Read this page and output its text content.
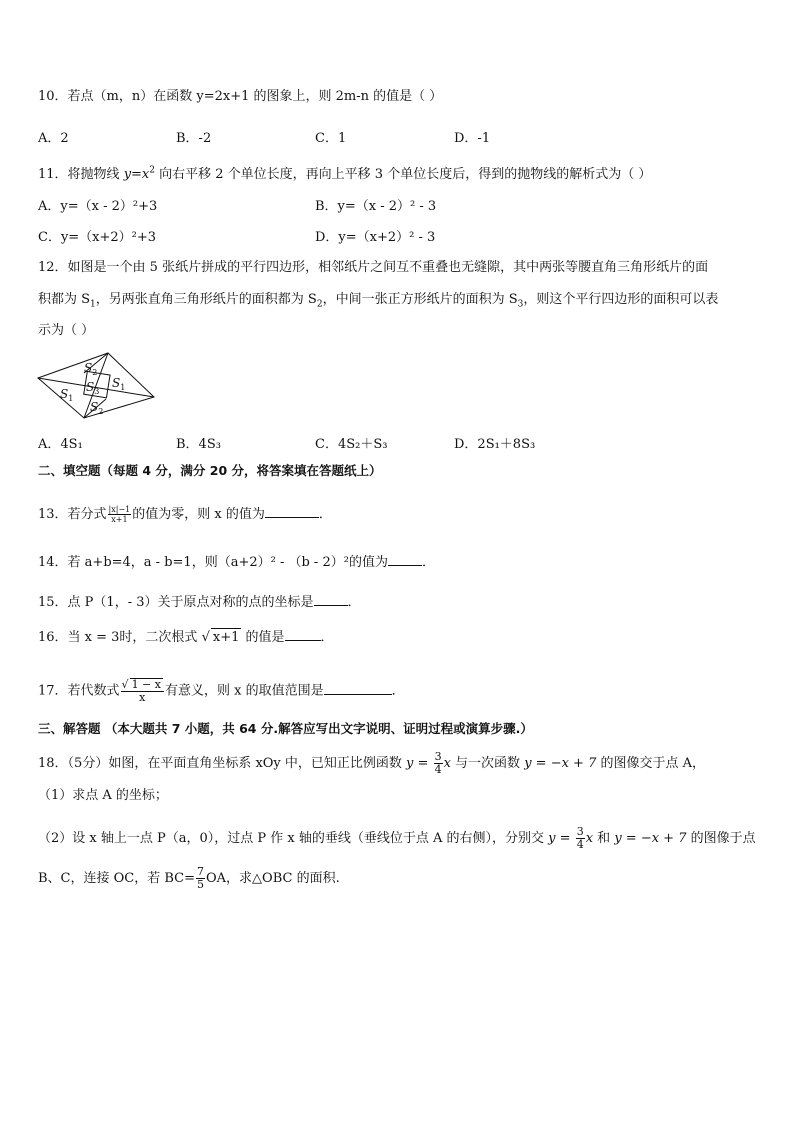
10．若点（m，n）在函数 y=2x+1 的图象上，则 2m-n 的值是（ ）
A．2	B．-2	C．1	D．-1
11．将抛物线 $y=x^2$ 向右平移 2 个单位长度，再向上平移 3 个单位长度后，得到的抛物线的解析式为（ ）
A．y=（x - 2）²+3	B．y=（x - 2）² - 3
C．y=（x+2）²+3	D．y=（x+2）² - 3
12．如图是一个由 5 张纸片拼成的平行四边形，相邻纸片之间互不重叠也无缝隙，其中两张等腰直角三角形纸片的面
积都为 $S_1$，另两张直角三角形纸片的面积都为 $S_2$，中间一张正方形纸片的面积为 $S_3$，则这个平行四边形的面积可以表
示为（ ）
$S_2$
$S_1$
$S_3$
$S_1$
$S_2$
A．4S₁	B．4S₃	C．4S₂＋S₃	D．2S₁＋8S₃
二、填空题（每题 4 分，满分 20 分，将答案填在答题纸上）
13．若分式 $\frac{|x|-1}{x+1}$的值为零，则 x 的值为	．
14．若 a+b=4，a - b=1，则（a+2）² - （b - 2）²的值为	．
15．点 P（1，- 3）关于原点对称的点的坐标是	．
16．当 x = 3时，二次根式 √ x+1 的值是	．
17．若代数式 $\frac{√ 1 - x}{x}$ 有意义，则 x 的取值范围是	．
三、解答题 （本大题共 7 小题，共 64 分.解答应写出文字说明、证明过程或演算步骤.）
18．（5分）如图，在平面直角坐标系 xOy 中，已知正比例函数 $y = \frac{3}{4}$ x 与一次函数 y = −x + 7 的图像交于点 A，
（1）求点 A 的坐标；
（2）设 x 轴上一点 P（a，0），过点 P 作 x 轴的垂线（垂线位于点 A 的右侧），分别交 $y = \frac{3}{4}$ x 和 y = −x + 7 的图像于点
B、C，连接 OC，若 $BC= \frac{7}{5}$ OA，求△OBC 的面积.
